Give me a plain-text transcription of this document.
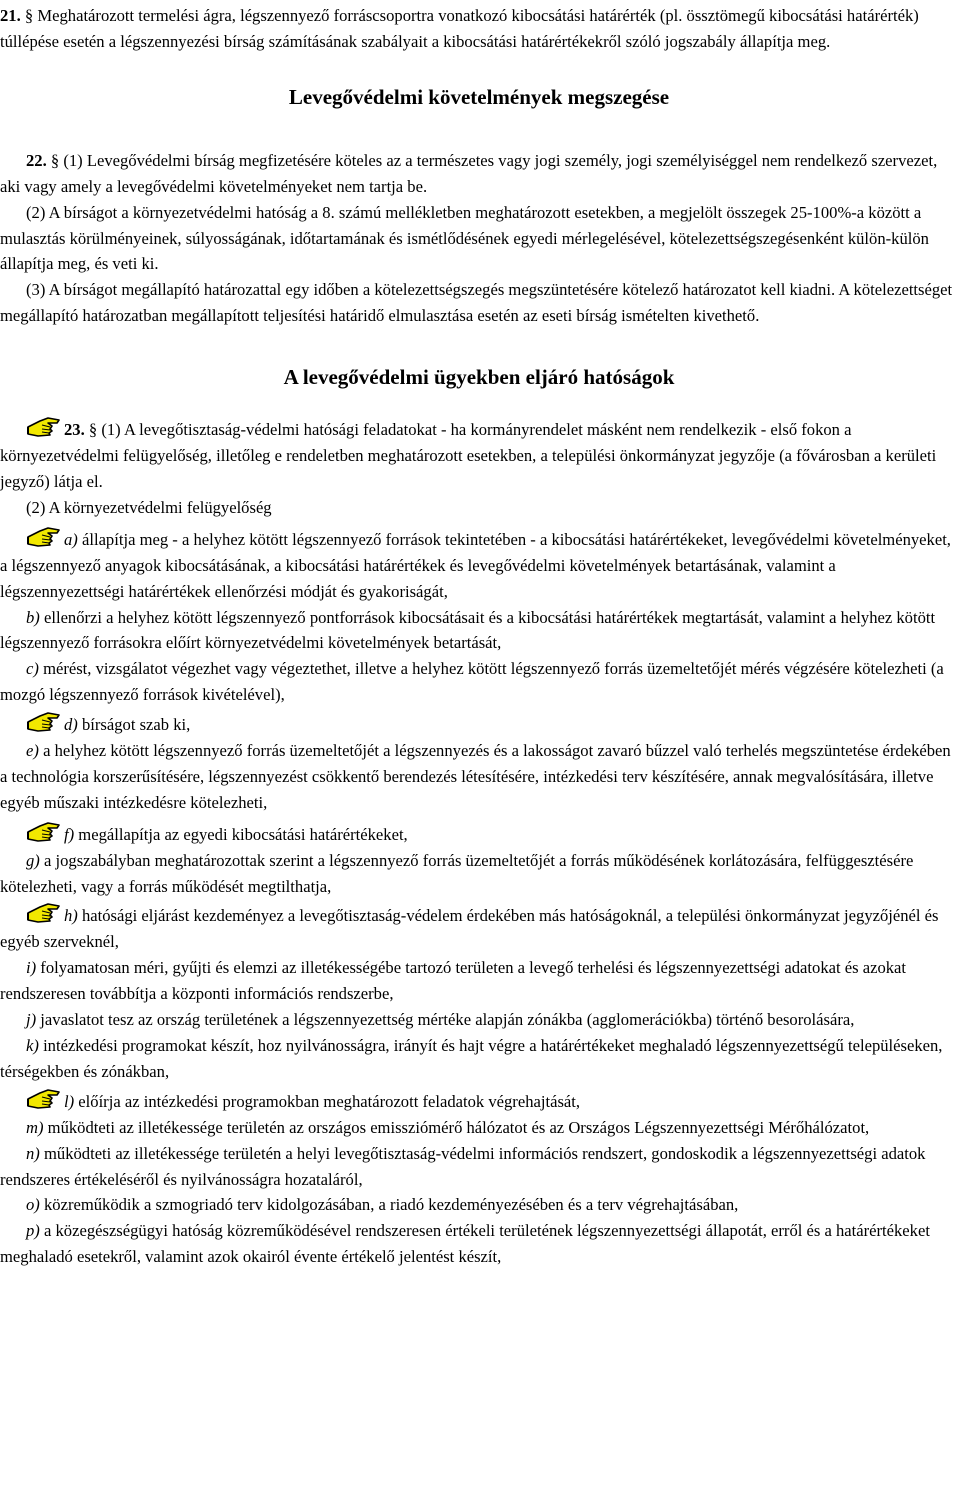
21. § Meghatározott termelési ágra, légszennyező forráscsoportra vonatkozó kibocsátási határérték (pl. össztömegű kibocsátási határérték) túllépése esetén a légszennyezési bírság számításának szabályait a kibocsátási határértékekről szóló jogszabály állapítja meg.

Levegővédelmi követelmények megszegése

22. § (1) Levegővédelmi bírság megfizetésére köteles az a természetes vagy jogi személy, jogi személyiséggel nem rendelkező szervezet, aki vagy amely a levegővédelmi követelményeket nem tartja be.

(2) A bírságot a környezetvédelmi hatóság a 8. számú mellékletben meghatározott esetekben, a megjelölt összegek 25-100%-a között a mulasztás körülményeinek, súlyosságának, időtartamának és ismétlődésének egyedi mérlegelésével, kötelezettségszegésenként külön-külön állapítja meg, és veti ki.

(3) A bírságot megállapító határozattal egy időben a kötelezettségszegés megszüntetésére kötelező határozatot kell kiadni. A kötelezettséget megállapító határozatban megállapított teljesítési határidő elmulasztása esetén az eseti bírság ismételten kivethető.

A levegővédelmi ügyekben eljáró hatóságok

23. § (1) A levegőtisztaság-védelmi hatósági feladatokat - ha kormányrendelet másként nem rendelkezik - első fokon a környezetvédelmi felügyelőség, illetőleg e rendeletben meghatározott esetekben, a települési önkormányzat jegyzője (a fővárosban a kerületi jegyző) látja el.

(2) A környezetvédelmi felügyelőség

a) állapítja meg - a helyhez kötött légszennyező források tekintetében - a kibocsátási határértékeket, levegővédelmi követelményeket, a légszennyező anyagok kibocsátásának, a kibocsátási határértékek és levegővédelmi követelmények betartásának, valamint a légszennyezettségi határértékek ellenőrzési módját és gyakoriságát,

b) ellenőrzi a helyhez kötött légszennyező pontforrások kibocsátásait és a kibocsátási határértékek megtartását, valamint a helyhez kötött légszennyező forrásokra előírt környezetvédelmi követelmények betartását,

c) mérést, vizsgálatot végezhet vagy végeztethet, illetve a helyhez kötött légszennyező forrás üzemeltetőjét mérés végzésére kötelezheti (a mozgó légszennyező források kivételével),

d) bírságot szab ki,

e) a helyhez kötött légszennyező forrás üzemeltetőjét a légszennyezés és a lakosságot zavaró bűzzel való terhelés megszüntetése érdekében a technológia korszerűsítésére, légszennyezést csökkentő berendezés létesítésére, intézkedési terv készítésére, annak megvalósítására, illetve egyéb műszaki intézkedésre kötelezheti,

f) megállapítja az egyedi kibocsátási határértékeket,

g) a jogszabályban meghatározottak szerint a légszennyező forrás üzemeltetőjét a forrás működésének korlátozására, felfüggesztésére kötelezheti, vagy a forrás működését megtilthatja,

h) hatósági eljárást kezdeményez a levegőtisztaság-védelem érdekében más hatóságoknál, a települési önkormányzat jegyzőjénél és egyéb szerveknél,

i) folyamatosan méri, gyűjti és elemzi az illetékességébe tartozó területen a levegő terhelési és légszennyezettségi adatokat és azokat rendszeresen továbbítja a központi információs rendszerbe,

j) javaslatot tesz az ország területének a légszennyezettség mértéke alapján zónákba (agglomerációkba) történő besorolására,

k) intézkedési programokat készít, hoz nyilvánosságra, irányít és hajt végre a határértékeket meghaladó légszennyezettségű településeken, térségekben és zónákban,

l) előírja az intézkedési programokban meghatározott feladatok végrehajtását,

m) működteti az illetékessége területén az országos emissziómérő hálózatot és az Országos Légszennyezettségi Mérőhálózatot,

n) működteti az illetékessége területén a helyi levegőtisztaság-védelmi információs rendszert, gondoskodik a légszennyezettségi adatok rendszeres értékeléséről és nyilvánosságra hozataláról,

o) közreműködik a szmogriadó terv kidolgozásában, a riadó kezdeményezésében és a terv végrehajtásában,

p) a közegészségügyi hatóság közreműködésével rendszeresen értékeli területének légszennyezettségi állapotát, erről és a határértékeket meghaladó esetekről, valamint azok okairól évente értékelő jelentést készít,
